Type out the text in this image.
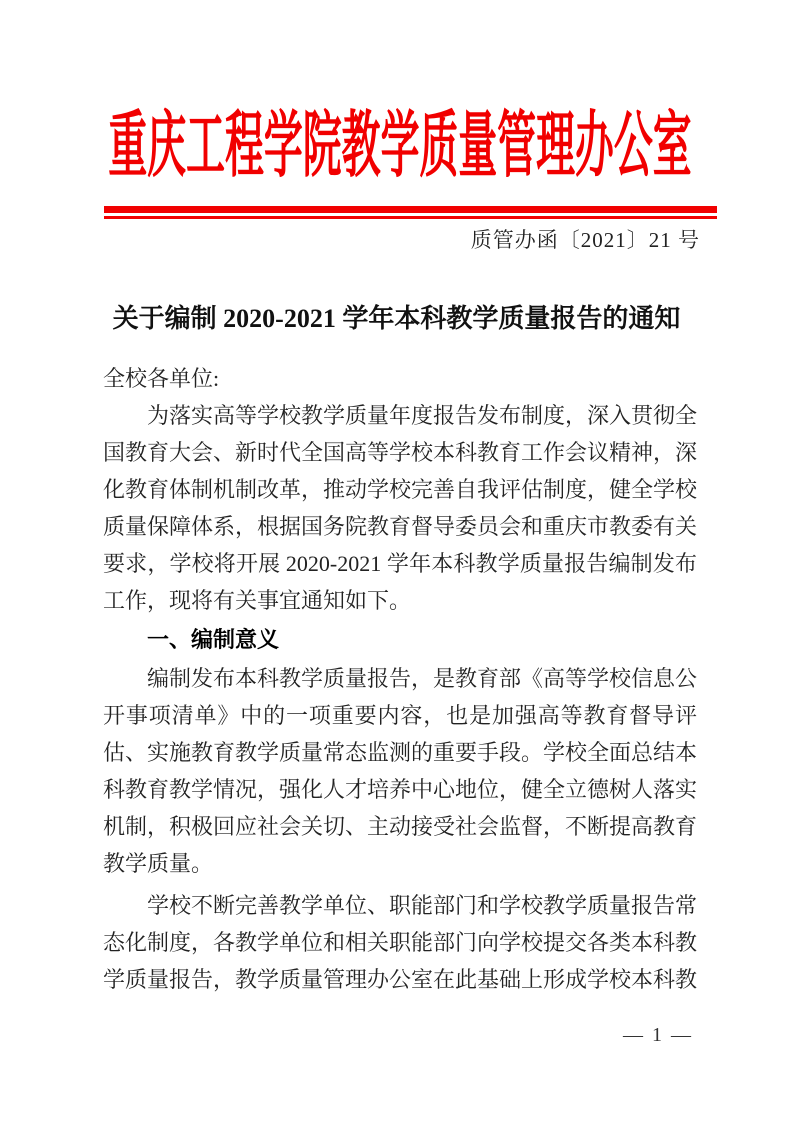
重庆工程学院教学质量管理办公室
质管办函〔2021〕21 号
关于编制 2020-2021 学年本科教学质量报告的通知

全校各单位:

为落实高等学校教学质量年度报告发布制度，深入贯彻全国教育大会、新时代全国高等学校本科教育工作会议精神，深化教育体制机制改革，推动学校完善自我评估制度，健全学校质量保障体系，根据国务院教育督导委员会和重庆市教委有关要求，学校将开展 2020-2021 学年本科教学质量报告编制发布工作，现将有关事宜通知如下。

一、编制意义

编制发布本科教学质量报告，是教育部《高等学校信息公开事项清单》中的一项重要内容，也是加强高等教育督导评估、实施教育教学质量常态监测的重要手段。学校全面总结本科教育教学情况，强化人才培养中心地位，健全立德树人落实机制，积极回应社会关切、主动接受社会监督，不断提高教育教学质量。

学校不断完善教学单位、职能部门和学校教学质量报告常态化制度，各教学单位和相关职能部门向学校提交各类本科教学质量报告，教学质量管理办公室在此基础上形成学校本科教

— 1 —
